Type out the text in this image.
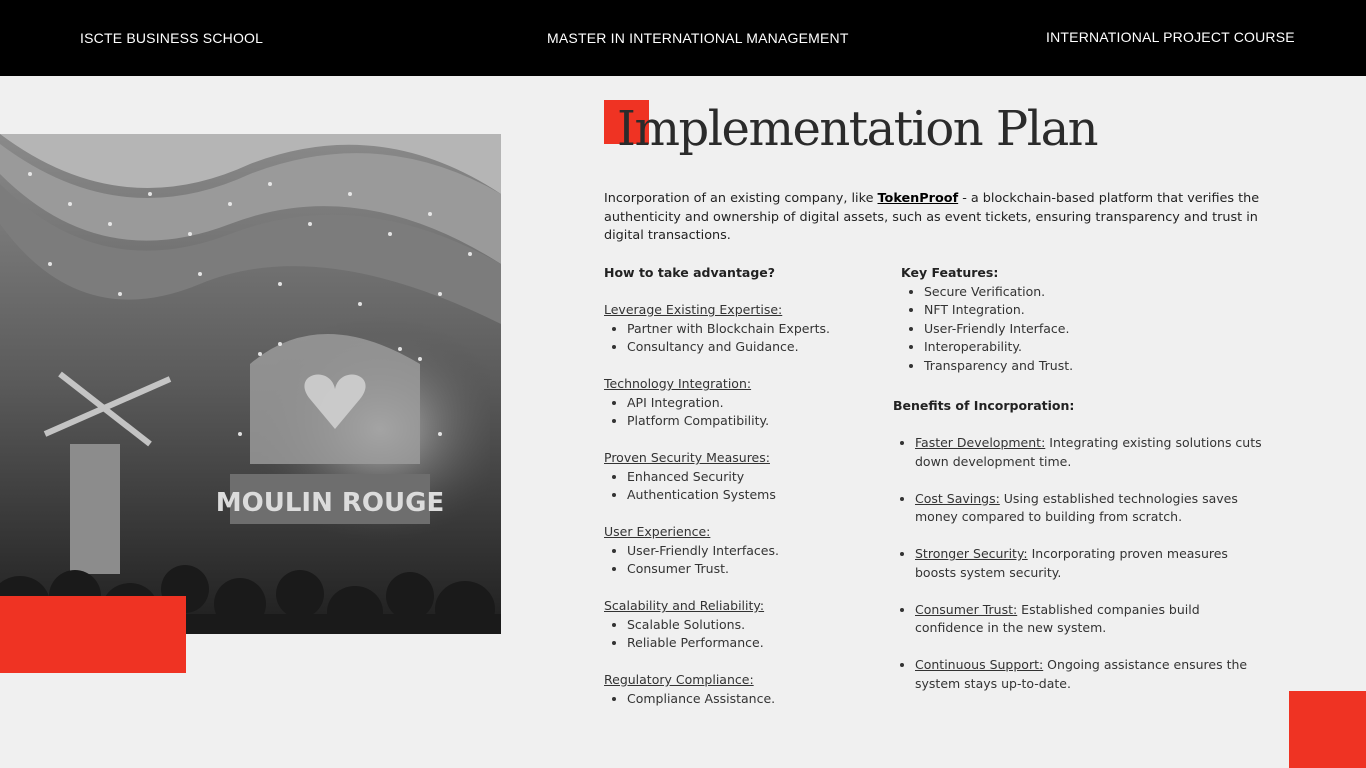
ISCTE BUSINESS SCHOOL	MASTER IN INTERNATIONAL MANAGEMENT	INTERNATIONAL PROJECT COURSE
MOULIN ROUGE
Implementation Plan

Incorporation of an existing company, like TokenProof - a blockchain-based platform that verifies the authenticity and ownership of digital assets, such as event tickets, ensuring transparency and trust in digital transactions.

How to take advantage?

Leverage Existing Expertise:

• Partner with Blockchain Experts.
• Consultancy and Guidance.

Technology Integration:

• API Integration.
• Platform Compatibility.

Proven Security Measures:

• Enhanced Security
• Authentication Systems

User Experience:

• User-Friendly Interfaces.
• Consumer Trust.

Scalability and Reliability:

• Scalable Solutions.
• Reliable Performance.

Regulatory Compliance:

• Compliance Assistance.

Key Features:

• Secure Verification.
• NFT Integration.
• User-Friendly Interface.
• Interoperability.
• Transparency and Trust.

Benefits of Incorporation:

• Faster Development: Integrating existing solutions cuts down development time.
• Cost Savings: Using established technologies saves money compared to building from scratch.
• Stronger Security: Incorporating proven measures boosts system security.
• Consumer Trust: Established companies build confidence in the new system.
• Continuous Support: Ongoing assistance ensures the system stays up-to-date.
